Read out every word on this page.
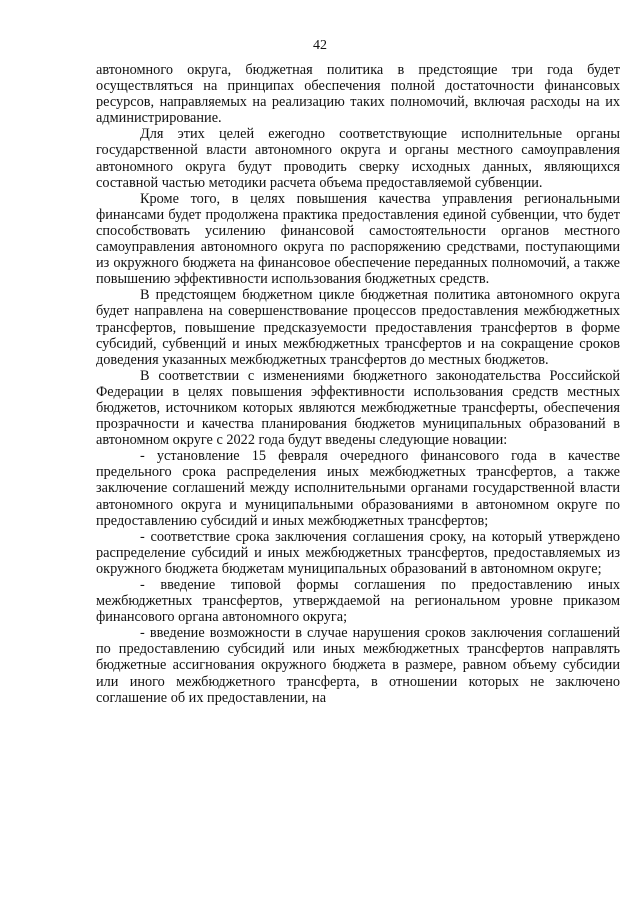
42

автономного округа, бюджетная политика в предстоящие три года будет осуществляться на принципах обеспечения полной достаточности финансовых ресурсов, направляемых на реализацию таких полномочий, включая расходы на их администрирование.

Для этих целей ежегодно соответствующие исполнительные органы государственной власти автономного округа и органы местного самоуправления автономного округа будут проводить сверку исходных данных, являющихся составной частью методики расчета объема предоставляемой субвенции.

Кроме того, в целях повышения качества управления региональными финансами будет продолжена практика предоставления единой субвенции, что будет способствовать усилению финансовой самостоятельности органов местного самоуправления автономного округа по распоряжению средствами, поступающими из окружного бюджета на финансовое обеспечение переданных полномочий, а также повышению эффективности использования бюджетных средств.

В предстоящем бюджетном цикле бюджетная политика автономного округа будет направлена на совершенствование процессов предоставления межбюджетных трансфертов, повышение предсказуемости предоставления трансфертов в форме субсидий, субвенций и иных межбюджетных трансфертов и на сокращение сроков доведения указанных межбюджетных трансфертов до местных бюджетов.

В соответствии с изменениями бюджетного законодательства Российской Федерации в целях повышения эффективности использования средств местных бюджетов, источником которых являются межбюджетные трансферты, обеспечения прозрачности и качества планирования бюджетов муниципальных образований в автономном округе с 2022 года будут введены следующие новации:

- установление 15 февраля очередного финансового года в качестве предельного срока распределения иных межбюджетных трансфертов, а также заключение соглашений между исполнительными органами государственной власти автономного округа и муниципальными образованиями в автономном округе по предоставлению субсидий и иных межбюджетных трансфертов;

- соответствие срока заключения соглашения сроку, на который утверждено распределение субсидий и иных межбюджетных трансфертов, предоставляемых из окружного бюджета бюджетам муниципальных образований в автономном округе;

- введение типовой формы соглашения по предоставлению иных межбюджетных трансфертов, утверждаемой на региональном уровне приказом финансового органа автономного округа;

- введение возможности в случае нарушения сроков заключения соглашений по предоставлению субсидий или иных межбюджетных трансфертов направлять бюджетные ассигнования окружного бюджета в размере, равном объему субсидии или иного межбюджетного трансферта, в отношении которых не заключено соглашение об их предоставлении, на
